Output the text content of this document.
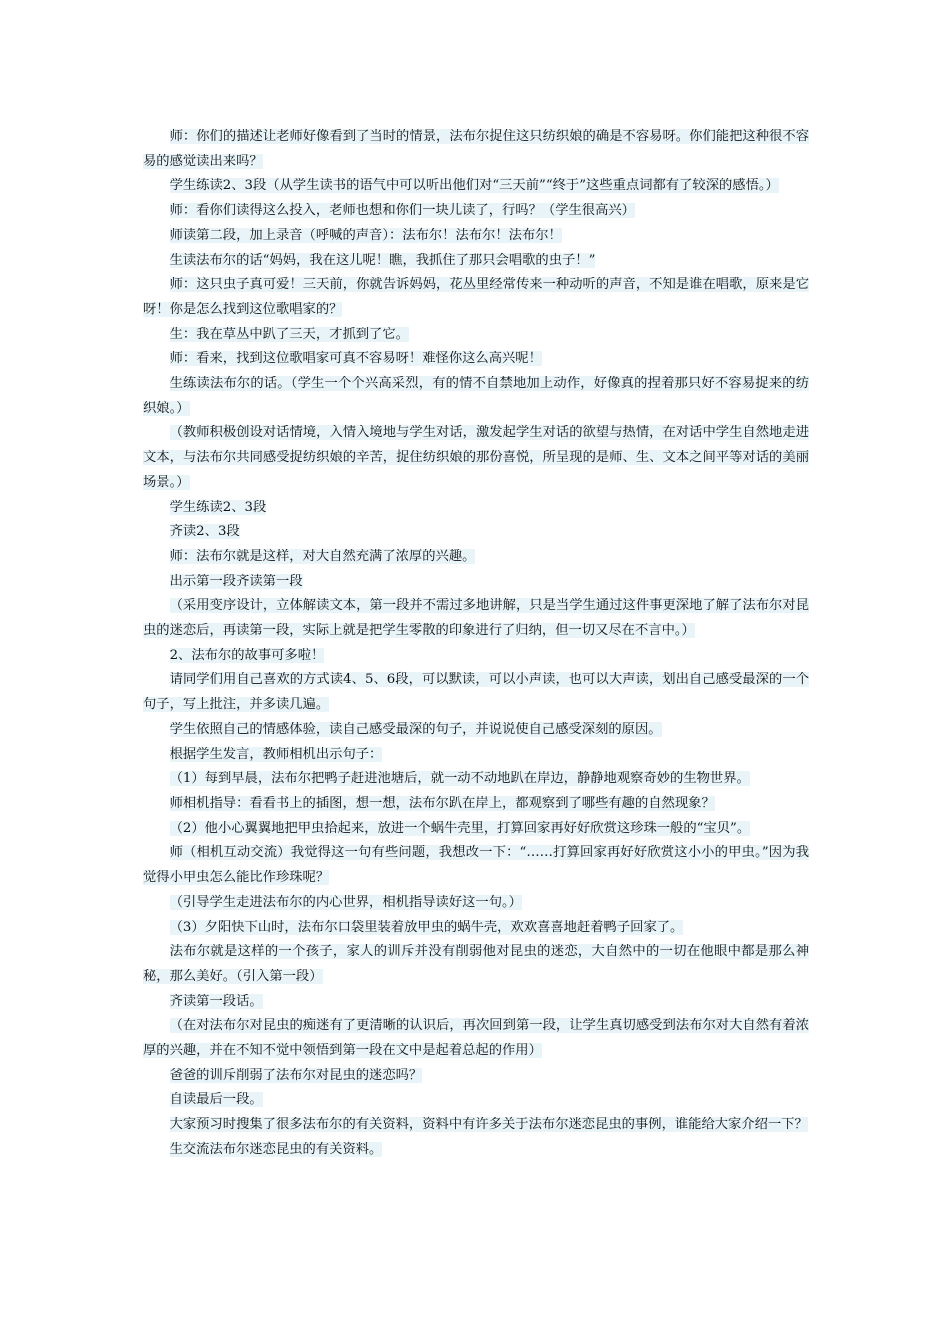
师：你们的描述让老师好像看到了当时的情景，法布尔捉住这只纺织娘的确是不容易呀。你们能把这种很不容易的感觉读出来吗？

学生练读2、3段（从学生读书的语气中可以听出他们对“三天前”“终于”这些重点词都有了较深的感悟。）

师：看你们读得这么投入，老师也想和你们一块儿读了，行吗？（学生很高兴）

师读第二段，加上录音（呼喊的声音）：法布尔！法布尔！法布尔！

生读法布尔的话“妈妈，我在这儿呢！瞧，我抓住了那只会唱歌的虫子！”

师：这只虫子真可爱！三天前，你就告诉妈妈，花丛里经常传来一种动听的声音，不知是谁在唱歌，原来是它呀！你是怎么找到这位歌唱家的？

生：我在草丛中趴了三天，才抓到了它。

师：看来，找到这位歌唱家可真不容易呀！难怪你这么高兴呢！

生练读法布尔的话。（学生一个个兴高采烈，有的情不自禁地加上动作，好像真的捏着那只好不容易捉来的纺织娘。）

（教师积极创设对话情境，入情入境地与学生对话，激发起学生对话的欲望与热情，在对话中学生自然地走进文本，与法布尔共同感受捉纺织娘的辛苦，捉住纺织娘的那份喜悦，所呈现的是师、生、文本之间平等对话的美丽场景。）

学生练读2、3段

齐读2、3段

师：法布尔就是这样，对大自然充满了浓厚的兴趣。

出示第一段齐读第一段

（采用变序设计，立体解读文本，第一段并不需过多地讲解，只是当学生通过这件事更深地了解了法布尔对昆虫的迷恋后，再读第一段，实际上就是把学生零散的印象进行了归纳，但一切又尽在不言中。）

2、法布尔的故事可多啦！

请同学们用自己喜欢的方式读4、5、6段，可以默读，可以小声读，也可以大声读，划出自己感受最深的一个句子，写上批注，并多读几遍。

学生依照自己的情感体验，读自己感受最深的句子，并说说使自己感受深刻的原因。

根据学生发言，教师相机出示句子：

（1）每到早晨，法布尔把鸭子赶进池塘后，就一动不动地趴在岸边，静静地观察奇妙的生物世界。

师相机指导：看看书上的插图，想一想，法布尔趴在岸上，都观察到了哪些有趣的自然现象？

（2）他小心翼翼地把甲虫拾起来，放进一个蜗牛壳里，打算回家再好好欣赏这珍珠一般的“宝贝”。

师（相机互动交流）我觉得这一句有些问题，我想改一下：“……打算回家再好好欣赏这小小的甲虫。”因为我觉得小甲虫怎么能比作珍珠呢？

（引导学生走进法布尔的内心世界，相机指导读好这一句。）

（3）夕阳快下山时，法布尔口袋里装着放甲虫的蜗牛壳，欢欢喜喜地赶着鸭子回家了。

法布尔就是这样的一个孩子，家人的训斥并没有削弱他对昆虫的迷恋，大自然中的一切在他眼中都是那么神秘，那么美好。（引入第一段）

齐读第一段话。

（在对法布尔对昆虫的痴迷有了更清晰的认识后，再次回到第一段，让学生真切感受到法布尔对大自然有着浓厚的兴趣，并在不知不觉中领悟到第一段在文中是起着总起的作用）

爸爸的训斥削弱了法布尔对昆虫的迷恋吗？

自读最后一段。

大家预习时搜集了很多法布尔的有关资料，资料中有许多关于法布尔迷恋昆虫的事例，谁能给大家介绍一下？

生交流法布尔迷恋昆虫的有关资料。
